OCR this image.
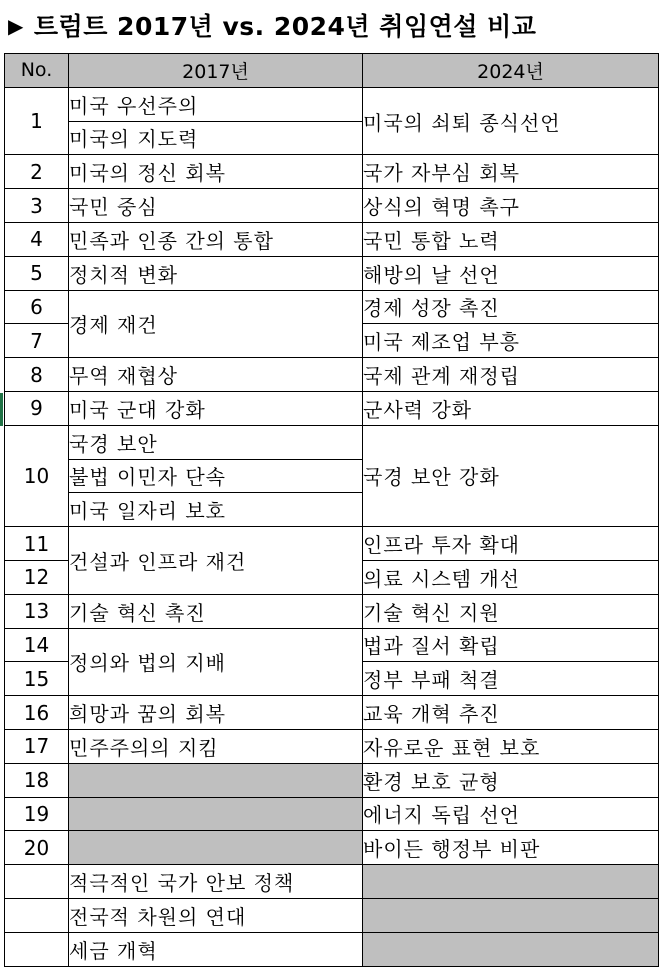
▶ 트럼트 2017년 vs. 2024년 취임연설 비교
No.	2017년	2024년
1	미국 우선주의	미국의 쇠퇴 종식선언
	미국의 지도력	
2	미국의 정신 회복	국가 자부심 회복
3	국민 중심	상식의 혁명 촉구
4	민족과 인종 간의 통합	국민 통합 노력
5	정치적 변화	해방의 날 선언
6	경제 재건	경제 성장 촉진
7		미국 제조업 부흥
8	무역 재협상	국제 관계 재정립
9	미국 군대 강화	군사력 강화
10	국경 보안	국경 보안 강화
	불법 이민자 단속	
	미국 일자리 보호	
11	건설과 인프라 재건	인프라 투자 확대
12		의료 시스템 개선
13	기술 혁신 촉진	기술 혁신 지원
14	정의와 법의 지배	법과 질서 확립
15		정부 부패 척결
16	희망과 꿈의 회복	교육 개혁 추진
17	민주주의의 지킴	자유로운 표현 보호
18		환경 보호 균형
19		에너지 독립 선언
20		바이든 행정부 비판
	적극적인 국가 안보 정책	
	전국적 차원의 연대	
	세금 개혁	
